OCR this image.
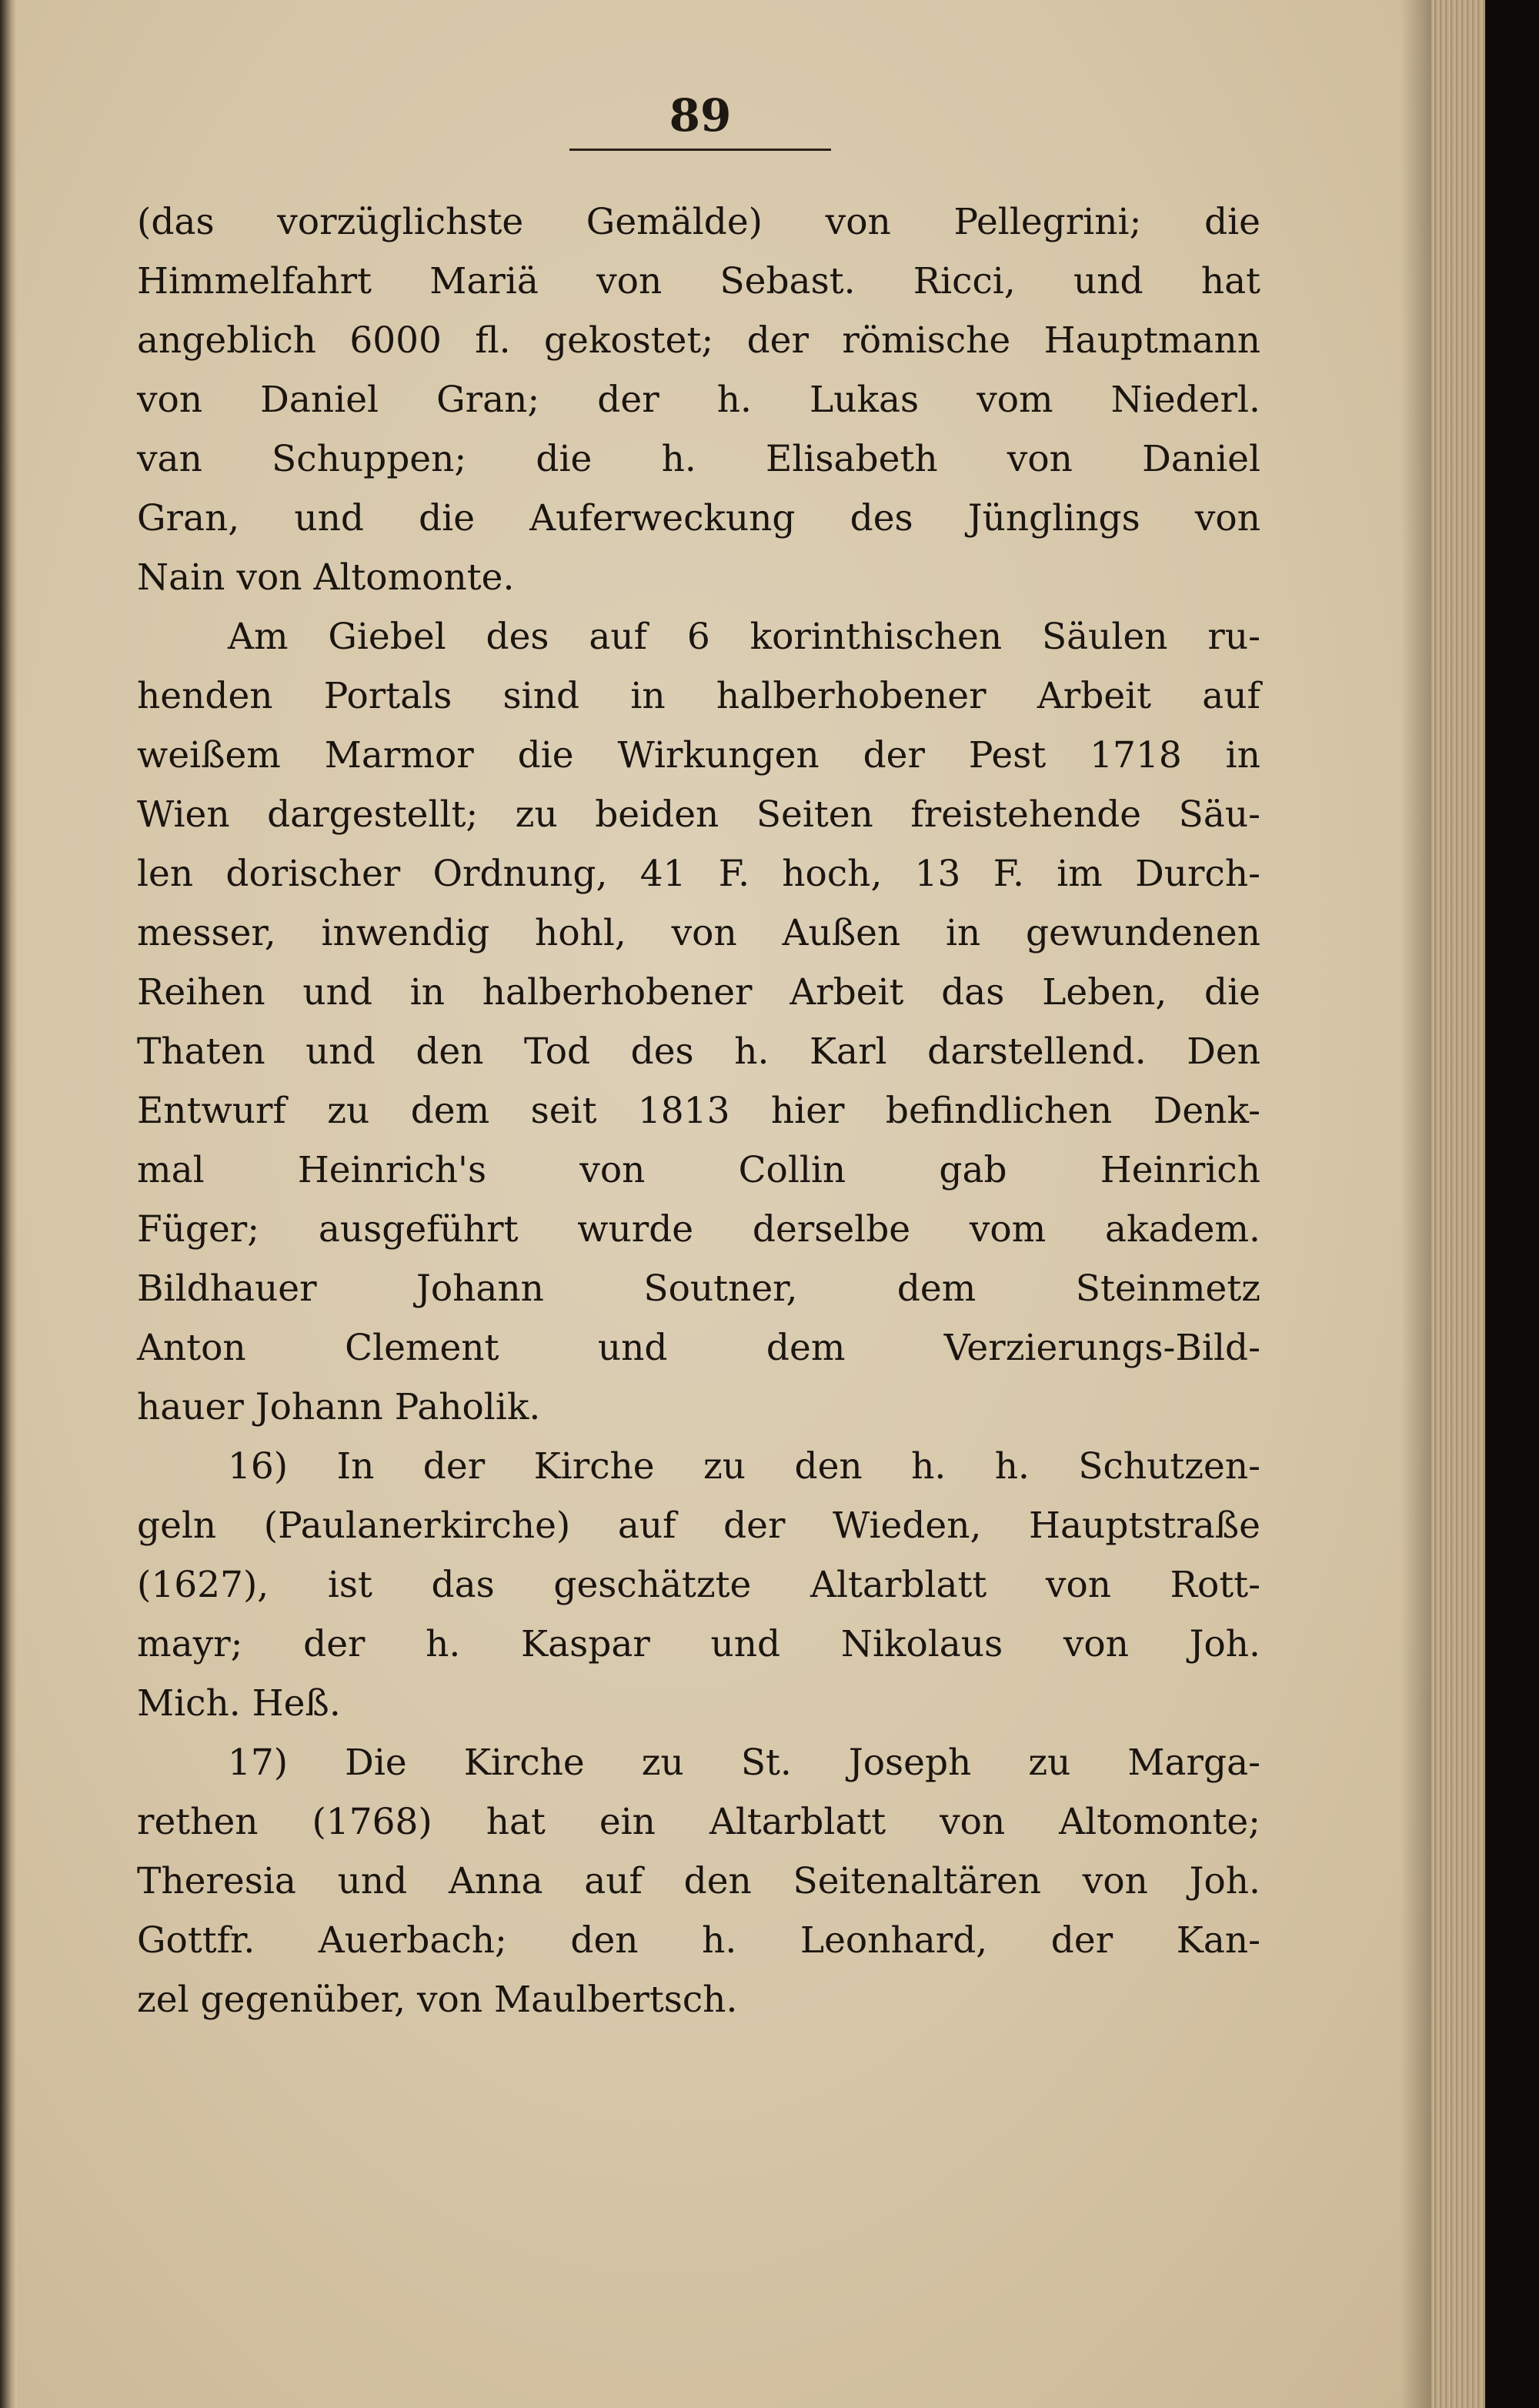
89
(das vorzüglichste Gemälde) von Pellegrini; die
Himmelfahrt Mariä von Sebast. Ricci, und hat
angeblich 6000 fl. gekostet; der römische Hauptmann
von Daniel Gran; der h. Lukas vom Niederl.
van Schuppen; die h. Elisabeth von Daniel
Gran, und die Auferweckung des Jünglings von
Nain von Altomonte.
Am Giebel des auf 6 korinthischen Säulen ru-
henden Portals sind in halberhobener Arbeit auf
weißem Marmor die Wirkungen der Pest 1718 in
Wien dargestellt; zu beiden Seiten freistehende Säu-
len dorischer Ordnung, 41 F. hoch, 13 F. im Durch-
messer, inwendig hohl, von Außen in gewundenen
Reihen und in halberhobener Arbeit das Leben, die
Thaten und den Tod des h. Karl darstellend. Den
Entwurf zu dem seit 1813 hier befindlichen Denk-
mal Heinrich's von Collin gab Heinrich
Füger; ausgeführt wurde derselbe vom akadem.
Bildhauer Johann Soutner, dem Steinmetz
Anton Clement und dem Verzierungs-Bild-
hauer Johann Paholik.
16) In der Kirche zu den h. h. Schutzen-
geln (Paulanerkirche) auf der Wieden, Hauptstraße
(1627), ist das geschätzte Altarblatt von Rott-
mayr; der h. Kaspar und Nikolaus von Joh.
Mich. Heß.
17) Die Kirche zu St. Joseph zu Marga-
rethen (1768) hat ein Altarblatt von Altomonte;
Theresia und Anna auf den Seitenaltären von Joh.
Gottfr. Auerbach; den h. Leonhard, der Kan-
zel gegenüber, von Maulbertsch.
